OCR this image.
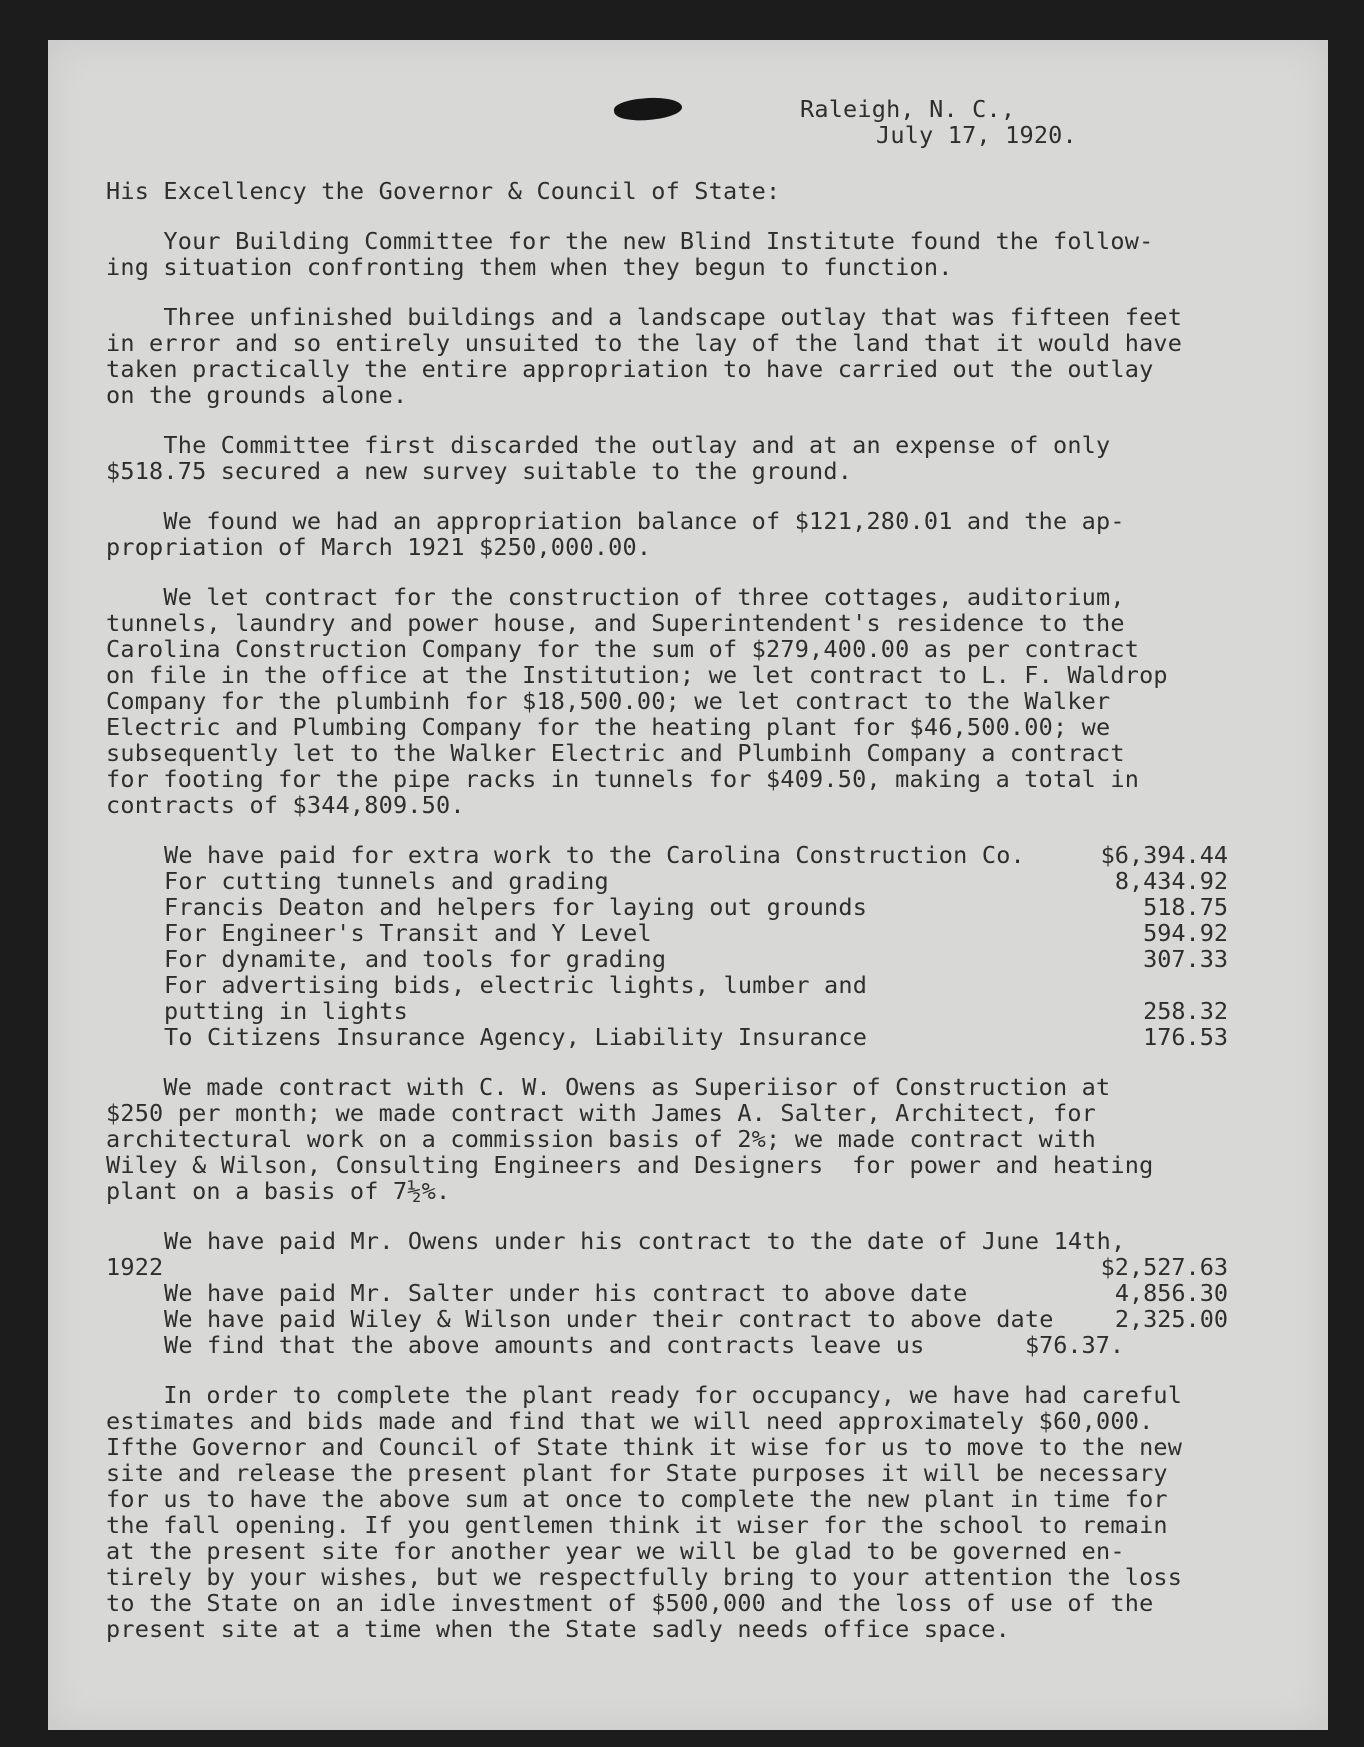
Raleigh, N. C.,
July 17, 1920.
His Excellency the Governor & Council of State:
Your Building Committee for the new Blind Institute found the follow-
ing situation confronting them when they begun to function.
Three unfinished buildings and a landscape outlay that was fifteen feet
in error and so entirely unsuited to the lay of the land that it would have
taken practically the entire appropriation to have carried out the outlay
on the grounds alone.
The Committee first discarded the outlay and at an expense of only
$518.75 secured a new survey suitable to the ground.
We found we had an appropriation balance of $121,280.01 and the ap-
propriation of March 1921 $250,000.00.
We let contract for the construction of three cottages, auditorium,
tunnels, laundry and power house, and Superintendent's residence to the
Carolina Construction Company for the sum of $279,400.00 as per contract
on file in the office at the Institution; we let contract to L. F. Waldrop
Company for the plumbinh for $18,500.00; we let contract to the Walker
Electric and Plumbing Company for the heating plant for $46,500.00; we
subsequently let to the Walker Electric and Plumbinh Company a contract
for footing for the pipe racks in tunnels for $409.50, making a total in
contracts of $344,809.50.
We have paid for extra work to the Carolina Construction Co.	$6,394.44
For cutting tunnels and grading	8,434.92
Francis Deaton and helpers for laying out grounds	518.75
For Engineer's Transit and Y Level	594.92
For dynamite, and tools for grading	307.33
For advertising bids, electric lights, lumber and
putting in lights	258.32
To Citizens Insurance Agency, Liability Insurance	176.53
We made contract with C. W. Owens as Superiisor of Construction at
$250 per month; we made contract with James A. Salter, Architect, for
architectural work on a commission basis of 2%; we made contract with
Wiley & Wilson, Consulting Engineers and Designers  for power and heating
plant on a basis of 7½%.
We have paid Mr. Owens under his contract to the date of June 14th,
1922	$2,527.63
We have paid Mr. Salter under his contract to above date	4,856.30
We have paid Wiley & Wilson under their contract to above date	2,325.00
We find that the above amounts and contracts leave us	$76.37.
In order to complete the plant ready for occupancy, we have had careful
estimates and bids made and find that we will need approximately $60,000.
Ifthe Governor and Council of State think it wise for us to move to the new
site and release the present plant for State purposes it will be necessary
for us to have the above sum at once to complete the new plant in time for
the fall opening. If you gentlemen think it wiser for the school to remain
at the present site for another year we will be glad to be governed en-
tirely by your wishes, but we respectfully bring to your attention the loss
to the State on an idle investment of $500,000 and the loss of use of the
present site at a time when the State sadly needs office space.
